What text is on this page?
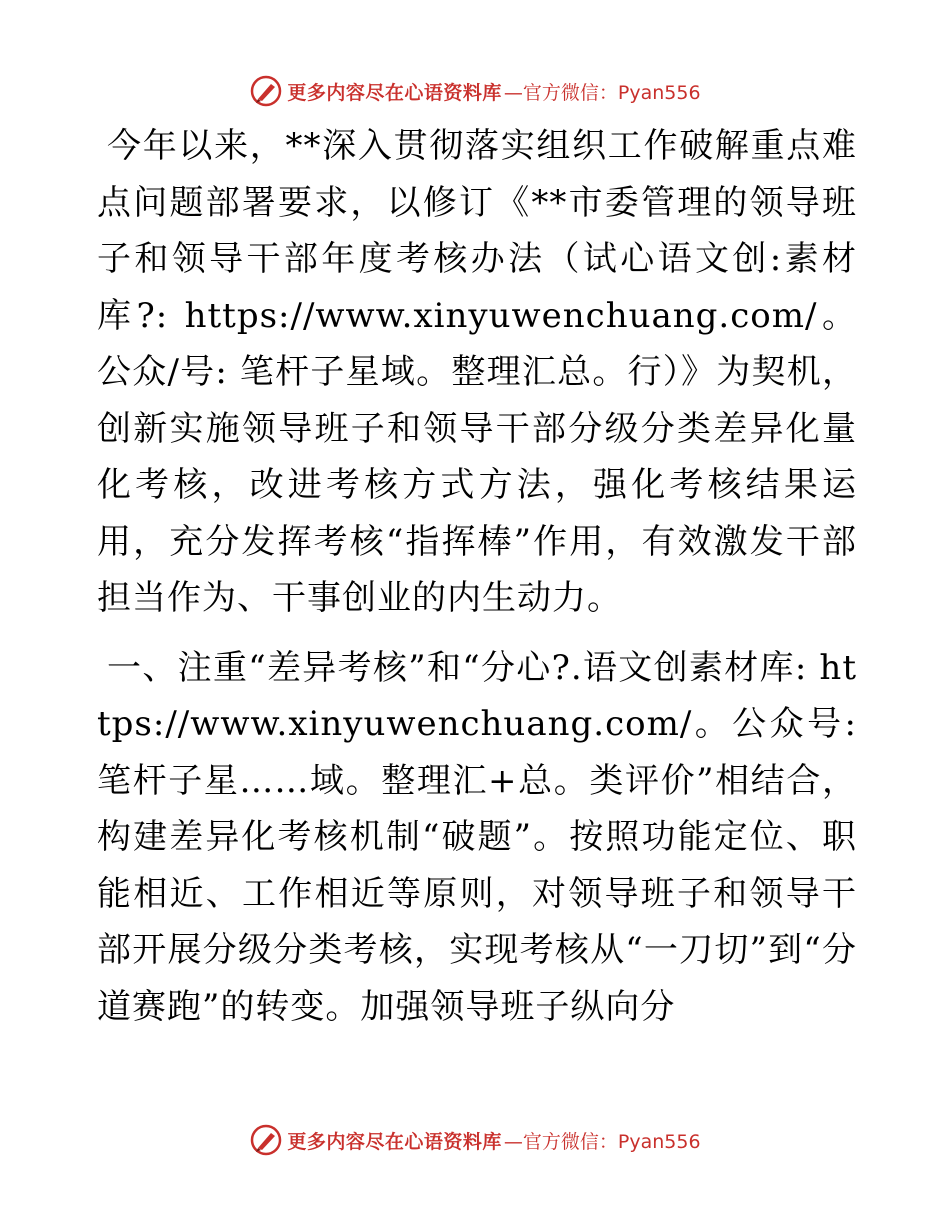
更多内容尽在心语资料库 —官方微信：Pyan556

今年以来，**深入贯彻落实组织工作破解重点难点问题部署要求，以修订《**市委管理的领导班子和领导干部年度考核办法（试心语文创:素材库?: https://www.xinyuwenchuang.com/。公众/号: 笔杆子星域。整理汇总。行）》为契机，创新实施领导班子和领导干部分级分类差异化量化考核，改进考核方式方法，强化考核结果运用，充分发挥考核“指挥棒”作用，有效激发干部担当作为、干事创业的内生动力。

一、注重“差异考核”和“分心?.语文创素材库: https://www.xinyuwenchuang.com/。公众号: 笔杆子星……域。整理汇+总。类评价”相结合，构建差异化考核机制“破题”。按照功能定位、职能相近、工作相近等原则，对领导班子和领导干部开展分级分类考核，实现考核从“一刀切”到“分道赛跑”的转变。加强领导班子纵向分

更多内容尽在心语资料库 —官方微信：Pyan556
